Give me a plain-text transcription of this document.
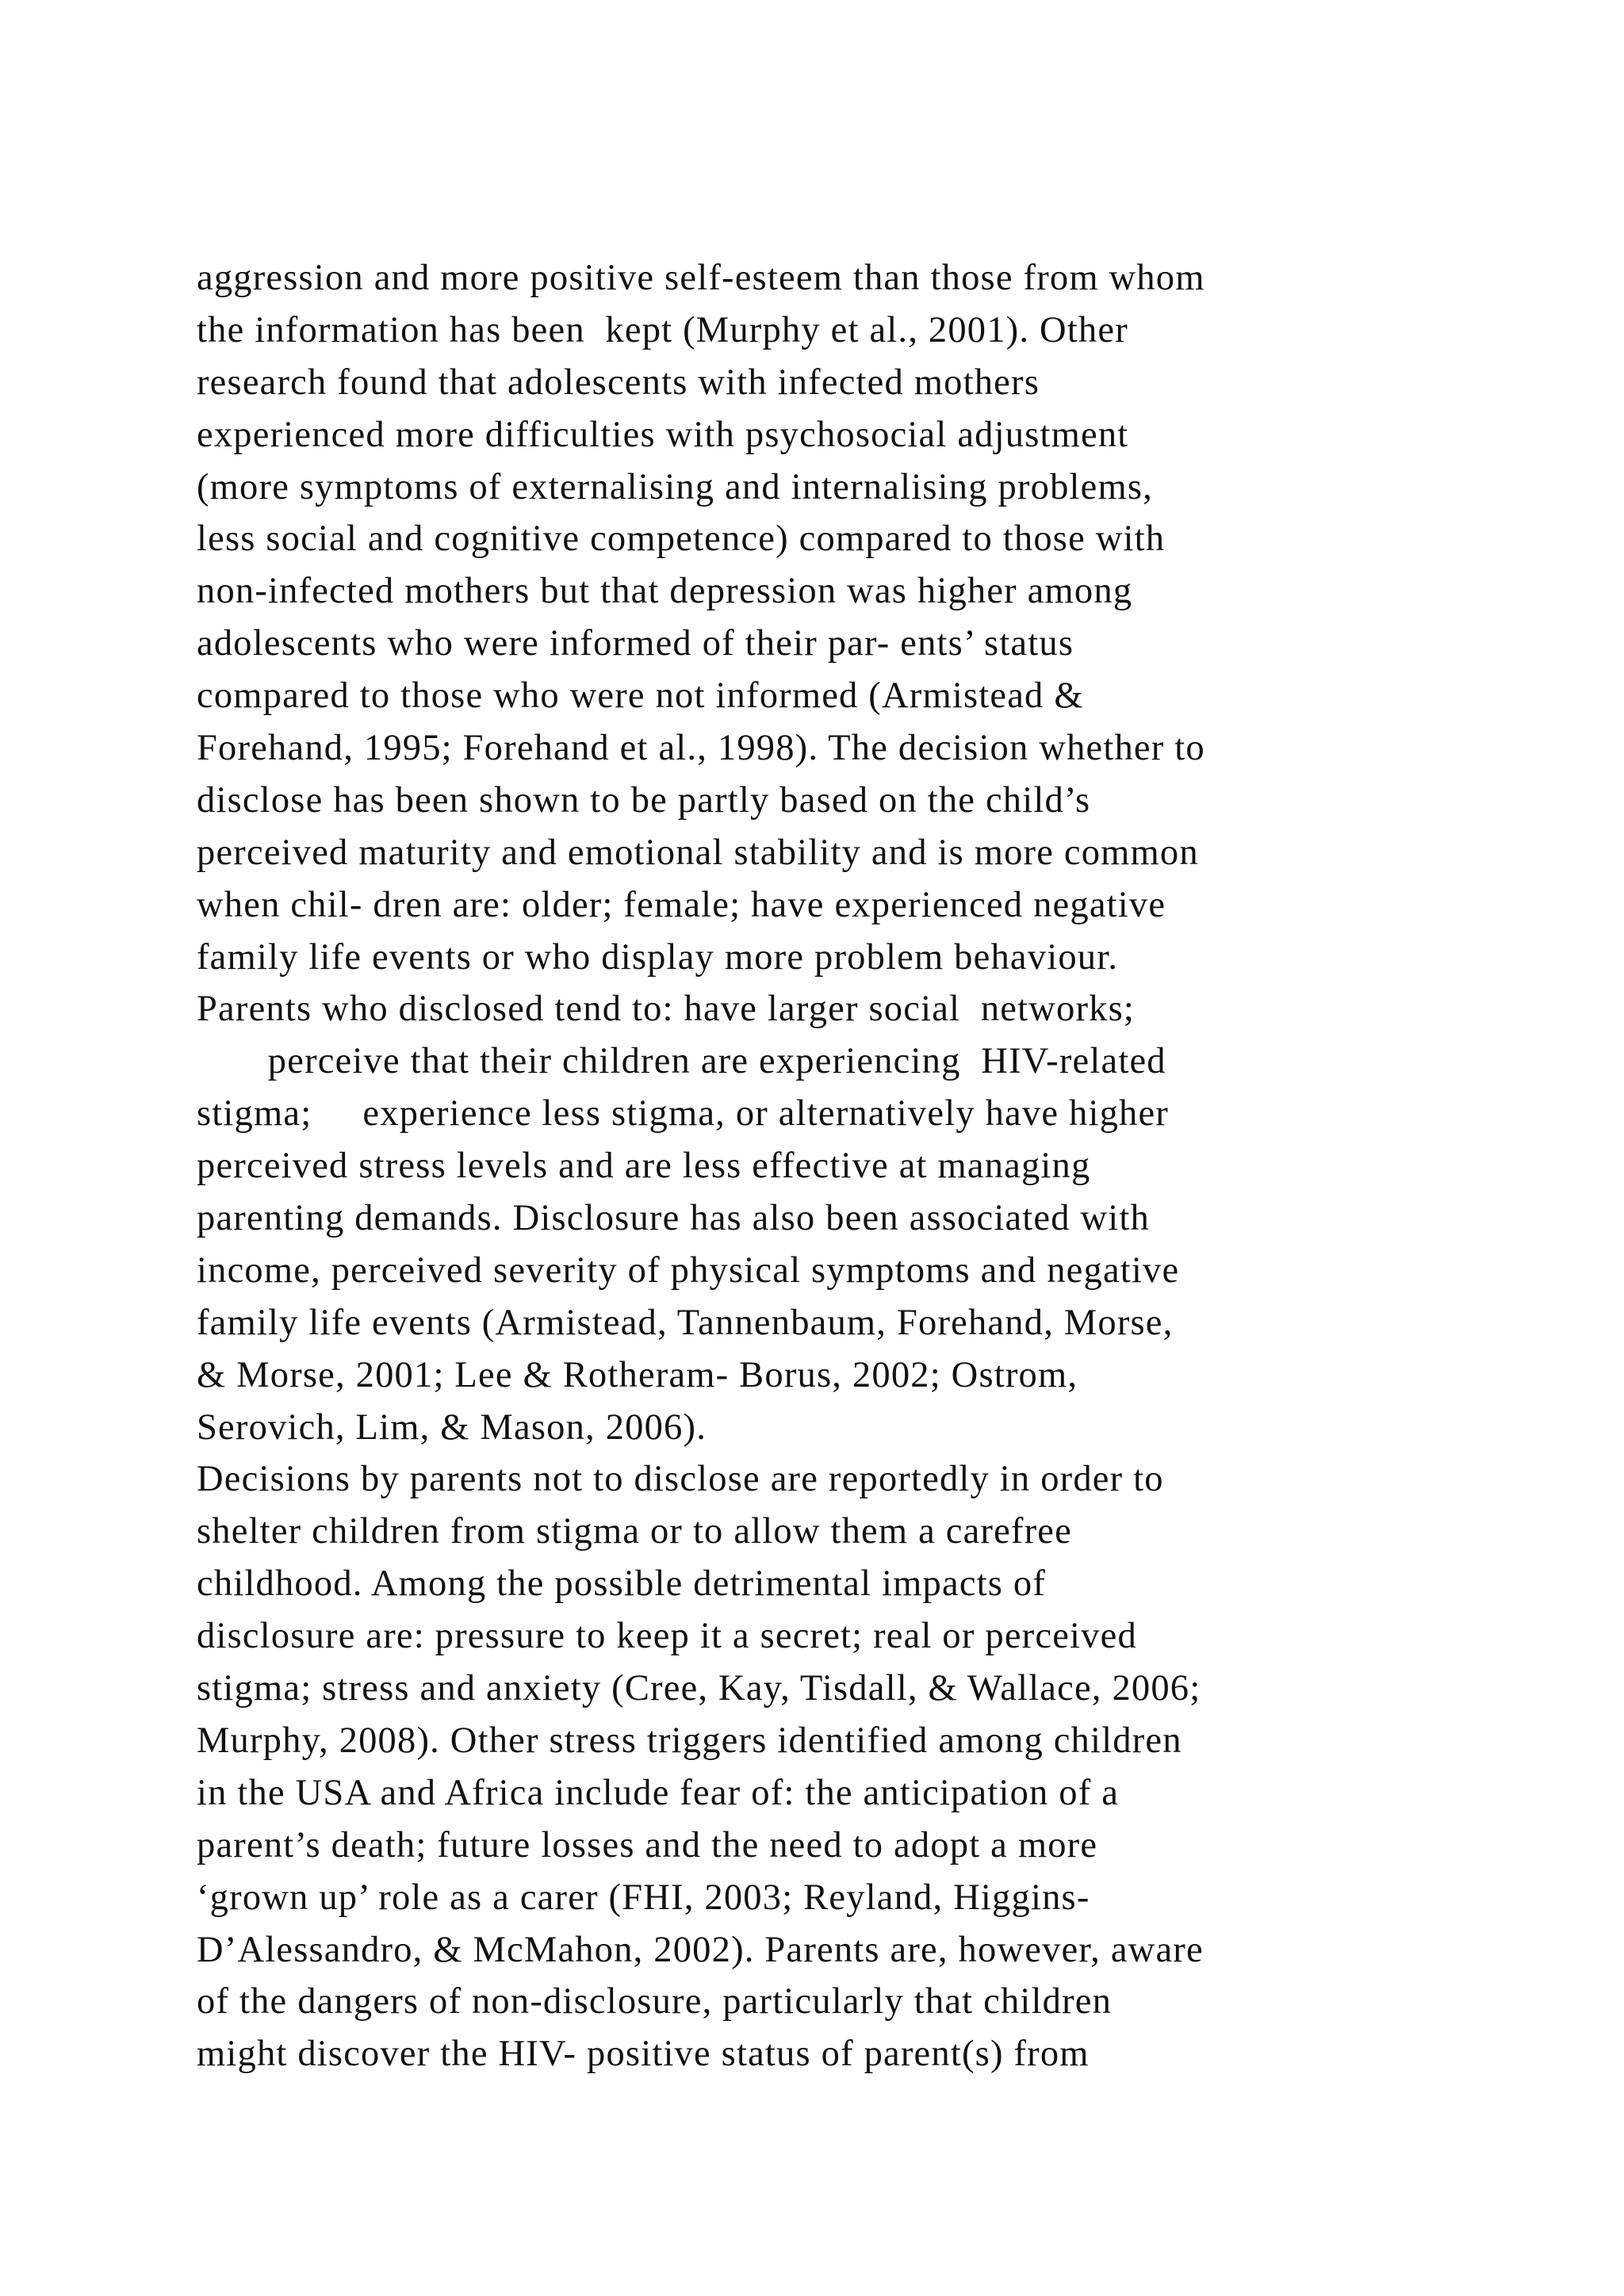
aggression and more positive self-esteem than those from whom
the information has been  kept (Murphy et al., 2001). Other
research found that adolescents with infected mothers
experienced more difficulties with psychosocial adjustment
(more symptoms of externalising and internalising problems,
less social and cognitive competence) compared to those with
non-infected mothers but that depression was higher among
adolescents who were informed of their par- ents’ status
compared to those who were not informed (Armistead &
Forehand, 1995; Forehand et al., 1998). The decision whether to
disclose has been shown to be partly based on the child’s
perceived maturity and emotional stability and is more common
when chil- dren are: older; female; have experienced negative
family life events or who display more problem behaviour.
Parents who disclosed tend to: have larger social  networks;
perceive that their children are experiencing  HIV-related
stigma;     experience less stigma, or alternatively have higher
perceived stress levels and are less effective at managing
parenting demands. Disclosure has also been associated with
income, perceived severity of physical symptoms and negative
family life events (Armistead, Tannenbaum, Forehand, Morse,
& Morse, 2001; Lee & Rotheram- Borus, 2002; Ostrom,
Serovich, Lim, & Mason, 2006).
Decisions by parents not to disclose are reportedly in order to
shelter children from stigma or to allow them a carefree
childhood. Among the possible detrimental impacts of
disclosure are: pressure to keep it a secret; real or perceived
stigma; stress and anxiety (Cree, Kay, Tisdall, & Wallace, 2006;
Murphy, 2008). Other stress triggers identified among children
in the USA and Africa include fear of: the anticipation of a
parent’s death; future losses and the need to adopt a more
‘grown up’ role as a carer (FHI, 2003; Reyland, Higgins-
D’Alessandro, & McMahon, 2002). Parents are, however, aware
of the dangers of non-disclosure, particularly that children
might discover the HIV- positive status of parent(s) from
